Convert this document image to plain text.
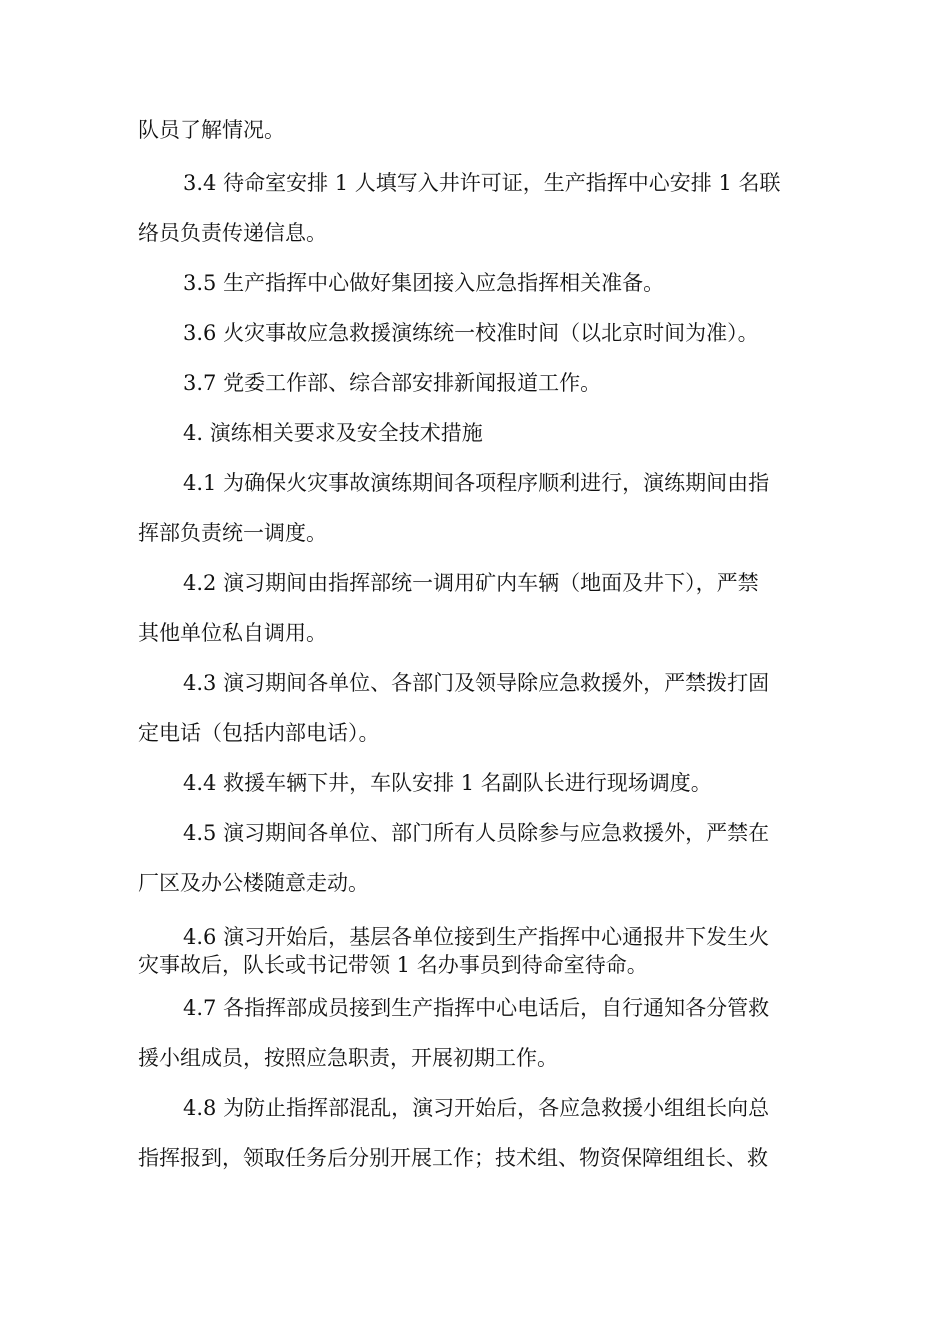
队员了解情况。
3.4 待命室安排 1 人填写入井许可证，生产指挥中心安排 1 名联
络员负责传递信息。
3.5 生产指挥中心做好集团接入应急指挥相关准备。
3.6 火灾事故应急救援演练统一校准时间（以北京时间为准）。
3.7 党委工作部、综合部安排新闻报道工作。
4. 演练相关要求及安全技术措施
4.1 为确保火灾事故演练期间各项程序顺利进行，演练期间由指
挥部负责统一调度。
4.2 演习期间由指挥部统一调用矿内车辆（地面及井下），严禁
其他单位私自调用。
4.3 演习期间各单位、各部门及领导除应急救援外，严禁拨打固
定电话（包括内部电话）。
4.4 救援车辆下井，车队安排 1 名副队长进行现场调度。
4.5 演习期间各单位、部门所有人员除参与应急救援外，严禁在
厂区及办公楼随意走动。
4.6 演习开始后，基层各单位接到生产指挥中心通报井下发生火
灾事故后，队长或书记带领 1 名办事员到待命室待命。
4.7 各指挥部成员接到生产指挥中心电话后，自行通知各分管救
援小组成员，按照应急职责，开展初期工作。
4.8 为防止指挥部混乱，演习开始后，各应急救援小组组长向总
指挥报到，领取任务后分别开展工作；技术组、物资保障组组长、救
